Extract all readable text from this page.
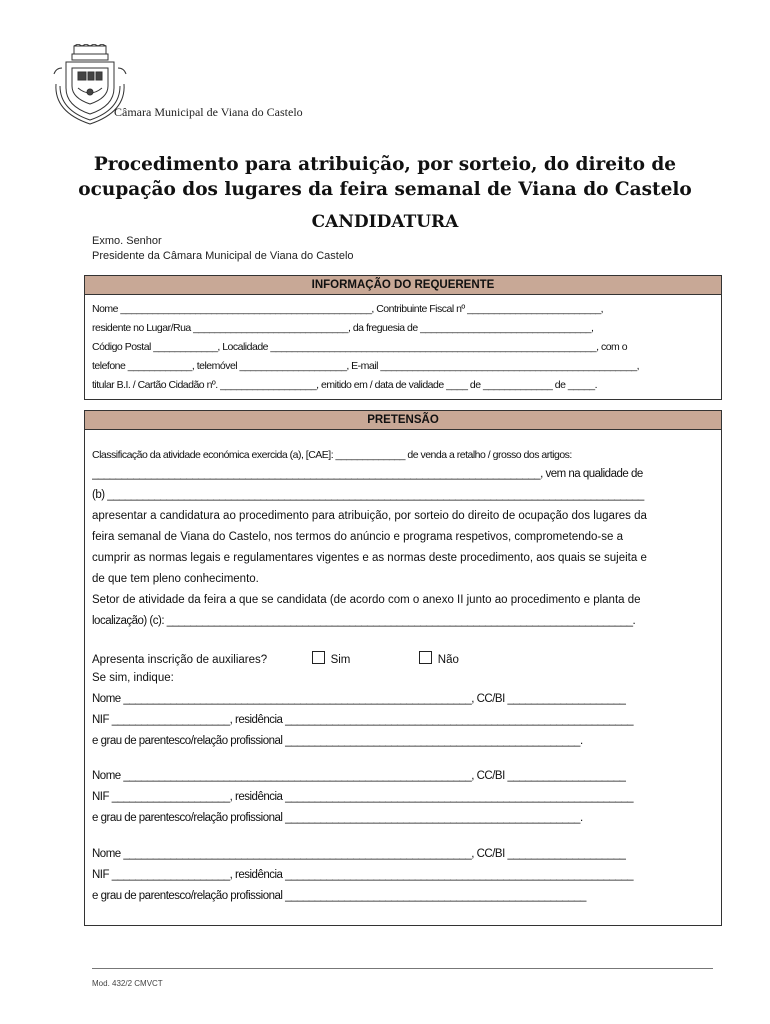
Câmara Municipal de Viana do Castelo
Procedimento para atribuição, por sorteio, do direito de
ocupação dos lugares da feira semanal de Viana do Castelo
CANDIDATURA
Exmo. Senhor
Presidente da Câmara Municipal de Viana do Castelo
INFORMAÇÃO DO REQUERENTE
Nome _______________________________________________, Contribuinte Fiscal nº _________________________,
residente no Lugar/Rua _____________________________, da freguesia de ________________________________,
Código Postal ____________, Localidade _____________________________________________________________, com o
telefone ____________, telemóvel ____________________, E-mail ________________________________________________,
titular B.I. / Cartão Cidadão nº. __________________, emitido em / data de validade ____ de _____________ de _____.
PRETENSÃO
Classificação da atividade económica exercida (a), [CAE]: _____________ de venda a retalho / grosso dos artigos:
____________________________________________________________________________, vem na qualidade de
(b) ___________________________________________________________________________________________
apresentar a candidatura ao procedimento para atribuição, por sorteio do direito de ocupação dos lugares da
feira semanal de Viana do Castelo, nos termos do anúncio e programa respetivos, comprometendo-se a
cumprir as normas legais e regulamentares vigentes e as normas deste procedimento, aos quais se sujeita e
de que tem pleno conhecimento.
Setor de atividade da feira a que se candidata (de acordo com o anexo II junto ao procedimento e planta de
localização) (c): _______________________________________________________________________________.
Apresenta inscrição de auxiliares?	Sim	Não
Se sim, indique:
Nome ___________________________________________________________, CC/BI ____________________
NIF ____________________, residência ___________________________________________________________
e grau de parentesco/relação profissional __________________________________________________.
Nome ___________________________________________________________, CC/BI ____________________
NIF ____________________, residência ___________________________________________________________
e grau de parentesco/relação profissional __________________________________________________.
Nome ___________________________________________________________, CC/BI ____________________
NIF ____________________, residência ___________________________________________________________
e grau de parentesco/relação profissional ___________________________________________________
Mod. 432/2 CMVCT
